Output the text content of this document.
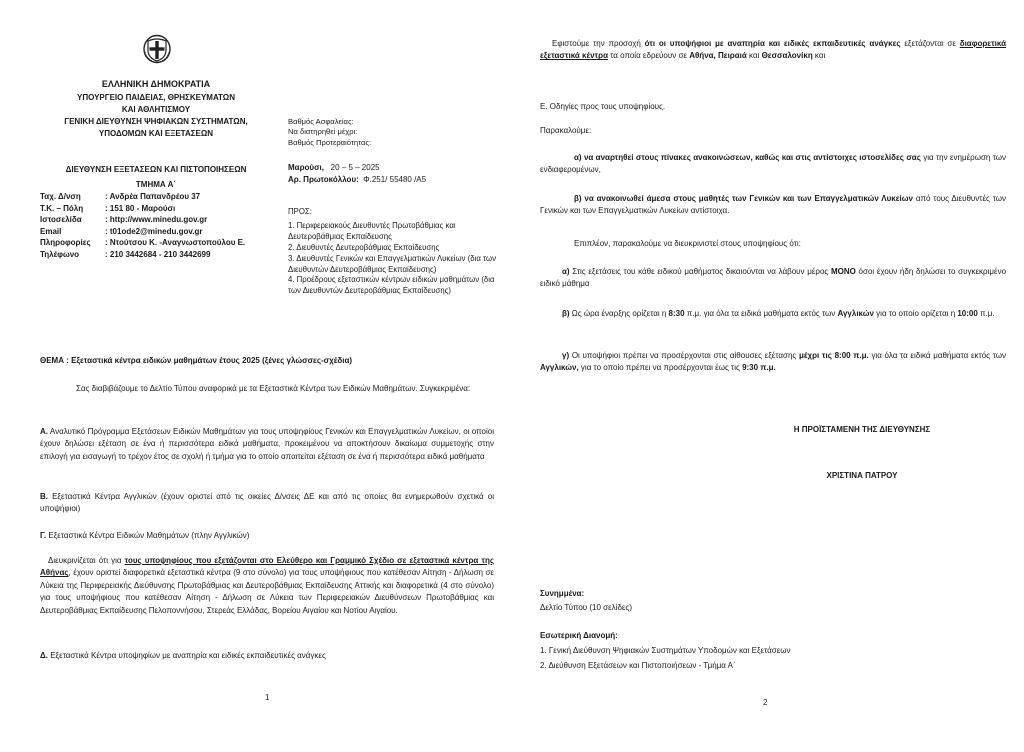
ΕΛΛΗΝΙΚΗ ΔΗΜΟΚΡΑΤΙΑ
ΥΠΟΥΡΓΕΙΟ ΠΑΙΔΕΙΑΣ, ΘΡΗΣΚΕΥΜΑΤΩΝ
ΚΑΙ ΑΘΛΗΤΙΣΜΟΥ
ΓΕΝΙΚΗ ΔΙΕΥΘΥΝΣΗ ΨΗΦΙΑΚΩΝ ΣΥΣΤΗΜΑΤΩΝ,
ΥΠΟΔΟΜΩΝ ΚΑΙ ΕΞΕΤΑΣΕΩΝ
ΔΙΕΥΘΥΝΣΗ ΕΞΕΤΑΣΕΩΝ ΚΑΙ ΠΙΣΤΟΠΟΙΗΣΕΩΝ
ΤΜΗΜΑ Α΄
Ταχ. Δ/νση	: Ανδρέα Παπανδρέου 37
Τ.Κ. – Πόλη	: 151 80 - Μαρούσι
Ιστοσελίδα	: http://www.minedu.gov.gr
Email	: t01ode2@minedu.gov.gr
Πληροφορίες	: Ντούτσου Κ. -Αναγνωστοπούλου Ε.
Τηλέφωνο	: 210 3442684 - 210 3442699
Βαθμός Ασφαλείας:
Να διατηρηθεί μέχρι:
Βαθμός Προτεραιότητας:
Μαρούσι, 20 – 5 – 2025
Αρ. Πρωτοκόλλου: Φ.251/ 55480 /Α5
ΠΡΟΣ:
1. Περιφερειακούς Διευθυντές Πρωτοβάθμιας και Δευτεροβάθμιας Εκπαίδευσης
2. Διευθυντές Δευτεροβάθμιας Εκπαίδευσης
3. Διευθυντές Γενικών και Επαγγελματικών Λυκείων (δια των Διευθυντών Δευτεροβάθμιας Εκπαίδευσης)
4. Προέδρους εξεταστικών κέντρων ειδικών μαθημάτων (δια των Διευθυντών Δευτεροβάθμιας Εκπαίδευσης)
ΘΕΜΑ : Εξεταστικά κέντρα ειδικών μαθημάτων έτους 2025 (ξένες γλώσσες-σχέδια)
Σας διαβιβάζουμε το Δελτίο Τύπου αναφορικά με τα Εξεταστικά Κέντρα των Ειδικών Μαθημάτων. Συγκεκριμένα:
Α. Αναλυτικό Πρόγραμμα Εξετάσεων Ειδικών Μαθημάτων για τους υποψηφίους Γενικών και Επαγγελματικών Λυκείων, οι οποίοι έχουν δηλώσει εξέταση σε ένα ή περισσότερα ειδικά μαθήματα, προκειμένου να αποκτήσουν δικαίωμα συμμετοχής στην επιλογή για εισαγωγή το τρέχον έτος σε σχολή ή τμήμα για το οποίο απαιτείται εξέταση σε ένα ή περισσότερα ειδικά μαθήματα
Β. Εξεταστικά Κέντρα Αγγλικών (έχουν οριστεί από τις οικείες Δ/νσεις ΔΕ και από τις οποίες θα ενημερωθούν σχετικά οι υποψήφιοι)
Γ. Εξεταστικά Κέντρα Ειδικών Μαθημάτων (πλην Αγγλικών)
Διευκρινίζεται ότι για τους υποψηφίους που εξετάζονται στο Ελεύθερο και Γραμμικό Σχέδιο σε εξεταστικά κέντρα της Αθήνας, έχουν οριστεί διαφορετικά εξεταστικά κέντρα (9 στο σύνολο) για τους υποψήφιους που κατέθεσαν Αίτηση - Δήλωση σε Λύκεια της Περιφερειακής Διεύθυνσης Πρωτοβάθμιας και Δευτεροβάθμιας Εκπαίδευσης Αττικής και διαφορετικά (4 στο σύνολο) για τους υποψήφιους που κατέθεσαν Αίτηση - Δήλωση σε Λύκεια των Περιφερειακών Διευθύνσεων Πρωτοβάθμιας και Δευτεροβάθμιας Εκπαίδευσης Πελοποννήσου, Στερεάς Ελλάδας, Βορείου Αιγαίου και Νοτίου Αιγαίου.
Δ. Εξεταστικά Κέντρα υποψηφίων με αναπηρία και ειδικές εκπαιδευτικές ανάγκες
1
Εφιστούμε την προσοχή ότι οι υποψήφιοι με αναπηρία και ειδικές εκπαιδευτικές ανάγκες εξετάζονται σε διαφορετικά εξεταστικά κέντρα τα οποία εδρεύουν σε Αθήνα, Πειραιά και Θεσσαλονίκη και
Ε. Οδηγίες προς τους υποψηφίους.
Παρακαλούμε:
α) να αναρτηθεί στους πίνακες ανακοινώσεων, καθώς και στις αντίστοιχες ιστοσελίδες σας για την ενημέρωση των ενδιαφερομένων,
β) να ανακοινωθεί άμεσα στους μαθητές των Γενικών και των Επαγγελματικών Λυκείων από τους Διευθυντές των Γενικών και των Επαγγελματικών Λυκείων αντίστοιχα.
Επιπλέον, παρακαλούμε να διευκρινιστεί στους υποψηφίους ότι:
α) Στις εξετάσεις του κάθε ειδικού μαθήματος δικαιούνται να λάβουν μέρος ΜΟΝΟ όσοι έχουν ήδη δηλώσει το συγκεκριμένο ειδικό μάθημα
β) Ως ώρα έναρξης ορίζεται η 8:30 π.μ. για όλα τα ειδικά μαθήματα εκτός των Αγγλικών για το οποίο ορίζεται η 10:00 π.μ.
γ) Οι υποψήφιοι πρέπει να προσέρχονται στις αίθουσες εξέτασης μέχρι τις 8:00 π.μ. για όλα τα ειδικά μαθήματα εκτός των Αγγλικών, για το οποίο πρέπει να προσέρχονται έως τις 9:30 π.μ.
Η ΠΡΟΪΣΤΑΜΕΝΗ ΤΗΣ ΔΙΕΥΘΥΝΣΗΣ
ΧΡΙΣΤΙΝΑ ΠΑΤΡΟΥ
Συνημμένα:
Δελτίο Τύπου (10 σελίδες)
Εσωτερική Διανομή:
1. Γενική Διεύθυνση Ψηφιακών Συστημάτων Υποδομών και Εξετάσεων
2. Διεύθυνση Εξετάσεων και Πιστοποιήσεων - Τμήμα Α΄
2
